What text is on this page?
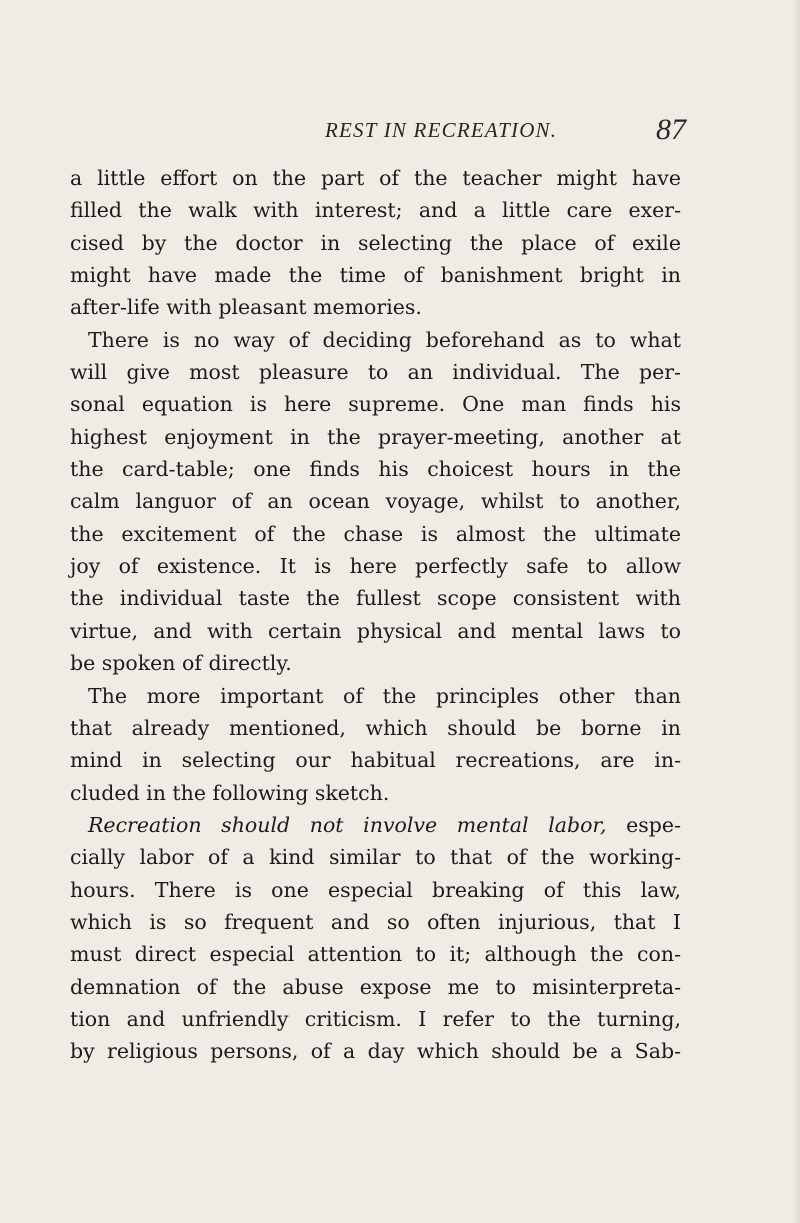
REST IN RECREATION.	87
a little effort on the part of the teacher might have
filled the walk with interest; and a little care exer-
cised by the doctor in selecting the place of exile
might have made the time of banishment bright in
after-life with pleasant memories.
There is no way of deciding beforehand as to what
will give most pleasure to an individual. The per-
sonal equation is here supreme. One man finds his
highest enjoyment in the prayer-meeting, another at
the card-table; one finds his choicest hours in the
calm languor of an ocean voyage, whilst to another,
the excitement of the chase is almost the ultimate
joy of existence. It is here perfectly safe to allow
the individual taste the fullest scope consistent with
virtue, and with certain physical and mental laws to
be spoken of directly.
The more important of the principles other than
that already mentioned, which should be borne in
mind in selecting our habitual recreations, are in-
cluded in the following sketch.
Recreation should not involve mental labor, espe-
cially labor of a kind similar to that of the working-
hours. There is one especial breaking of this law,
which is so frequent and so often injurious, that I
must direct especial attention to it; although the con-
demnation of the abuse expose me to misinterpreta-
tion and unfriendly criticism. I refer to the turning,
by religious persons, of a day which should be a Sab-
